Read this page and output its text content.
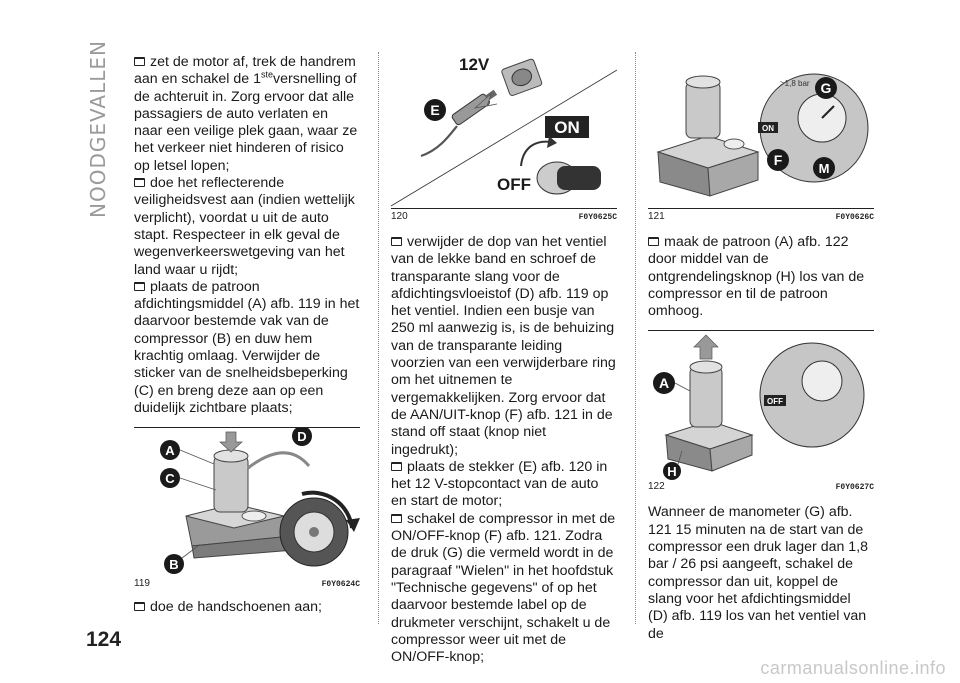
NOODGEVALLEN
124

zet de motor af, trek de handrem aan en schakel de 1steversnelling of de achteruit in. Zorg ervoor dat alle passagiers de auto verlaten en naar een veilige plek gaan, waar ze het verkeer niet hinderen of risico op letsel lopen;

doe het reflecterende veiligheidsvest aan (indien wettelijk verplicht), voordat u uit de auto stapt. Respecteer in elk geval de wegenverkeerswetgeving van het land waar u rijdt;

plaats de patroon afdichtingsmiddel (A) afb. 119 in het daarvoor bestemde vak van de compressor (B) en duw hem krachtig omlaag. Verwijder de sticker van de snelheidsbeperking (C) en breng deze aan op een duidelijk zichtbare plaats;

A
C
D
B
119	F0Y0624C

doe de handschoenen aan;

12V
E
ON
OFF
120	F0Y0625C

verwijder de dop van het ventiel van de lekke band en schroef de transparante slang voor de afdichtingsvloeistof (D) afb. 119 op het ventiel. Indien een busje van 250 ml aanwezig is, is de behuizing van de transparante leiding voorzien van een verwijderbare ring om het uitnemen te vergemakkelijken. Zorg ervoor dat de AAN/UIT-knop (F) afb. 121 in de stand off staat (knop niet ingedrukt);

plaats de stekker (E) afb. 120 in het 12 V-stopcontact van de auto en start de motor;

schakel de compressor in met de ON/OFF-knop (F) afb. 121. Zodra de druk (G) die vermeld wordt in de paragraaf "Wielen" in het hoofdstuk "Technische gegevens" of op het daarvoor bestemde label op de drukmeter verschijnt, schakelt u de compressor weer uit met de ON/OFF-knop;

>1,8 bar
ON
G
F
M
121	F0Y0626C

maak de patroon (A) afb. 122 door middel van de ontgrendelingsknop (H) los van de compressor en til de patroon omhoog.

OFF
A
H
122	F0Y0627C

Wanneer de manometer (G) afb. 121 15 minuten na de start van de compressor een druk lager dan 1,8 bar / 26 psi aangeeft, schakel de compressor dan uit, koppel de slang voor het afdichtingsmiddel (D) afb. 119 los van het ventiel van de

carmanualsonline.info
